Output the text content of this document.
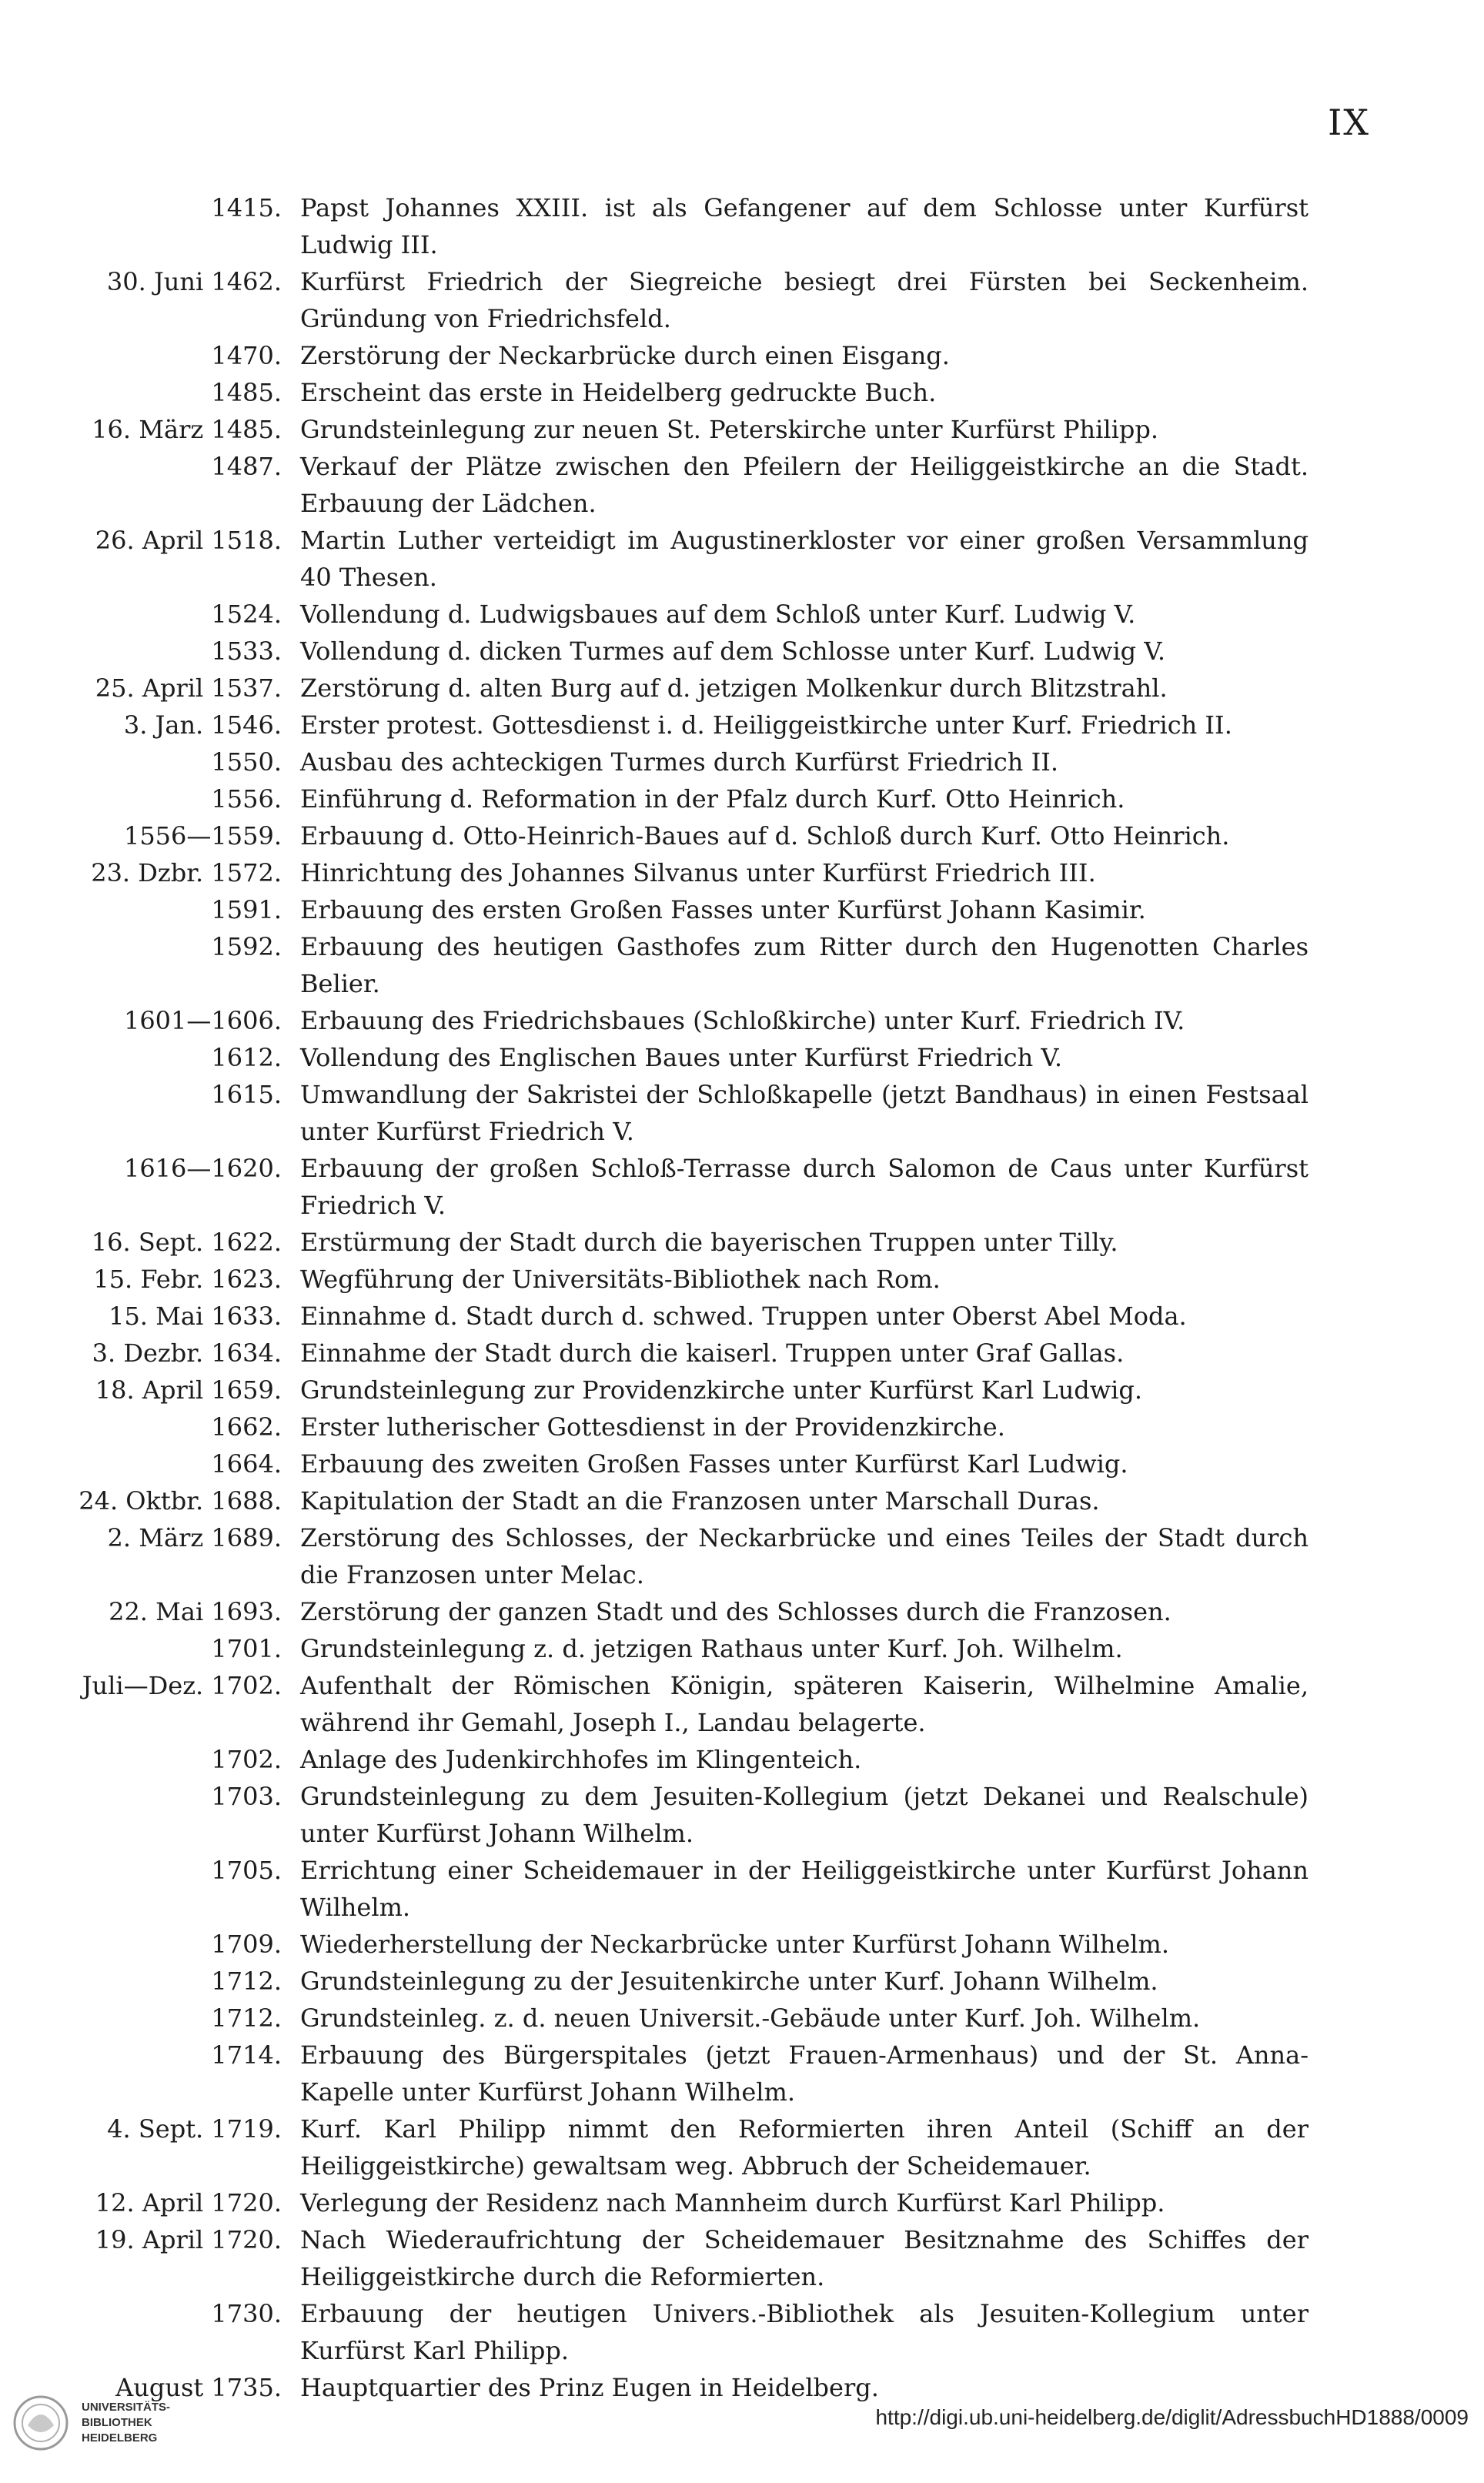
IX
1415. Papst Johannes XXIII. ist als Gefangener auf dem Schlosse unter Kurfürst Ludwig III.
30. Juni 1462. Kurfürst Friedrich der Siegreiche besiegt drei Fürsten bei Seckenheim. Gründung von Friedrichsfeld.
1470. Zerstörung der Neckarbrücke durch einen Eisgang.
1485. Erscheint das erste in Heidelberg gedruckte Buch.
16. März 1485. Grundsteinlegung zur neuen St. Peterskirche unter Kurfürst Philipp.
1487. Verkauf der Plätze zwischen den Pfeilern der Heiliggeistkirche an die Stadt. Erbauung der Lädchen.
26. April 1518. Martin Luther verteidigt im Augustinerkloster vor einer großen Versammlung 40 Thesen.
1524. Vollendung d. Ludwigsbaues auf dem Schloß unter Kurf. Ludwig V.
1533. Vollendung d. dicken Turmes auf dem Schlosse unter Kurf. Ludwig V.
25. April 1537. Zerstörung d. alten Burg auf d. jetzigen Molkenkur durch Blitzstrahl.
3. Jan. 1546. Erster protest. Gottesdienst i. d. Heiliggeistkirche unter Kurf. Friedrich II.
1550. Ausbau des achteckigen Turmes durch Kurfürst Friedrich II.
1556. Einführung d. Reformation in der Pfalz durch Kurf. Otto Heinrich.
1556—1559. Erbauung d. Otto-Heinrich-Baues auf d. Schloß durch Kurf. Otto Heinrich.
23. Dzbr. 1572. Hinrichtung des Johannes Silvanus unter Kurfürst Friedrich III.
1591. Erbauung des ersten Großen Fasses unter Kurfürst Johann Kasimir.
1592. Erbauung des heutigen Gasthofes zum Ritter durch den Hugenotten Charles Belier.
1601—1606. Erbauung des Friedrichsbaues (Schloßkirche) unter Kurf. Friedrich IV.
1612. Vollendung des Englischen Baues unter Kurfürst Friedrich V.
1615. Umwandlung der Sakristei der Schloßkapelle (jetzt Bandhaus) in einen Festsaal unter Kurfürst Friedrich V.
1616—1620. Erbauung der großen Schloß-Terrasse durch Salomon de Caus unter Kurfürst Friedrich V.
16. Sept. 1622. Erstürmung der Stadt durch die bayerischen Truppen unter Tilly.
15. Febr. 1623. Wegführung der Universitäts-Bibliothek nach Rom.
15. Mai 1633. Einnahme d. Stadt durch d. schwed. Truppen unter Oberst Abel Moda.
3. Dezbr. 1634. Einnahme der Stadt durch die kaiserl. Truppen unter Graf Gallas.
18. April 1659. Grundsteinlegung zur Providenzkirche unter Kurfürst Karl Ludwig.
1662. Erster lutherischer Gottesdienst in der Providenzkirche.
1664. Erbauung des zweiten Großen Fasses unter Kurfürst Karl Ludwig.
24. Oktbr. 1688. Kapitulation der Stadt an die Franzosen unter Marschall Duras.
2. März 1689. Zerstörung des Schlosses, der Neckarbrücke und eines Teiles der Stadt durch die Franzosen unter Melac.
22. Mai 1693. Zerstörung der ganzen Stadt und des Schlosses durch die Franzosen.
1701. Grundsteinlegung z. d. jetzigen Rathaus unter Kurf. Joh. Wilhelm.
Juli—Dez. 1702. Aufenthalt der Römischen Königin, späteren Kaiserin, Wilhelmine Amalie, während ihr Gemahl, Joseph I., Landau belagerte.
1702. Anlage des Judenkirchhofes im Klingenteich.
1703. Grundsteinlegung zu dem Jesuiten-Kollegium (jetzt Dekanei und Realschule) unter Kurfürst Johann Wilhelm.
1705. Errichtung einer Scheidemauer in der Heiliggeistkirche unter Kurfürst Johann Wilhelm.
1709. Wiederherstellung der Neckarbrücke unter Kurfürst Johann Wilhelm.
1712. Grundsteinlegung zu der Jesuitenkirche unter Kurf. Johann Wilhelm.
1712. Grundsteinleg. z. d. neuen Universit.-Gebäude unter Kurf. Joh. Wilhelm.
1714. Erbauung des Bürgerspitales (jetzt Frauen-Armenhaus) und der St. Anna-Kapelle unter Kurfürst Johann Wilhelm.
4. Sept. 1719. Kurf. Karl Philipp nimmt den Reformierten ihren Anteil (Schiff an der Heiliggeistkirche) gewaltsam weg. Abbruch der Scheidemauer.
12. April 1720. Verlegung der Residenz nach Mannheim durch Kurfürst Karl Philipp.
19. April 1720. Nach Wiederaufrichtung der Scheidemauer Besitznahme des Schiffes der Heiliggeistkirche durch die Reformierten.
1730. Erbauung der heutigen Univers.-Bibliothek als Jesuiten-Kollegium unter Kurfürst Karl Philipp.
August 1735. Hauptquartier des Prinz Eugen in Heidelberg.
UNIVERSITÄTS-
BIBLIOTHEK
HEIDELBERG
http://digi.ub.uni-heidelberg.de/diglit/AdressbuchHD1888/0009
